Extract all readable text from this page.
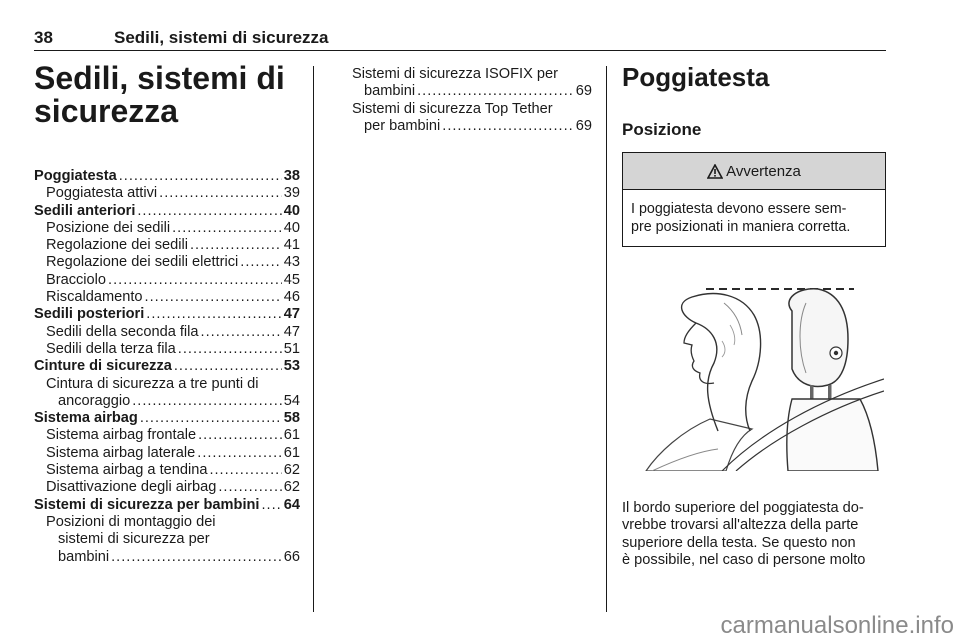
38	Sedili, sistemi di sicurezza
Sedili, sistemi di
sicurezza
Poggiatesta .....	38
Poggiatesta attivi .....	39
Sedili anteriori .....	40
Posizione dei sedili .....	40
Regolazione dei sedili .....	41
Regolazione dei sedili elettrici .....	43
Bracciolo .....	45
Riscaldamento .....	46
Sedili posteriori .....	47
Sedili della seconda fila .....	47
Sedili della terza fila .....	51
Cinture di sicurezza .....	53
Cintura di sicurezza a tre punti di
ancoraggio .....	54
Sistema airbag .....	58
Sistema airbag frontale .....	61
Sistema airbag laterale .....	61
Sistema airbag a tendina .....	62
Disattivazione degli airbag .....	62
Sistemi di sicurezza per bambini ..... 64
Posizioni di montaggio dei
sistemi di sicurezza per
bambini .....	66
Sistemi di sicurezza ISOFIX per
bambini .....	69
Sistemi di sicurezza Top Tether
per bambini .....	69
Poggiatesta
Posizione
Avvertenza
I poggiatesta devono essere sem-
pre posizionati in maniera corretta.
Il bordo superiore del poggiatesta do-
vrebbe trovarsi all'altezza della parte
superiore della testa. Se questo non
è possibile, nel caso di persone molto
carmanualsonline.info
